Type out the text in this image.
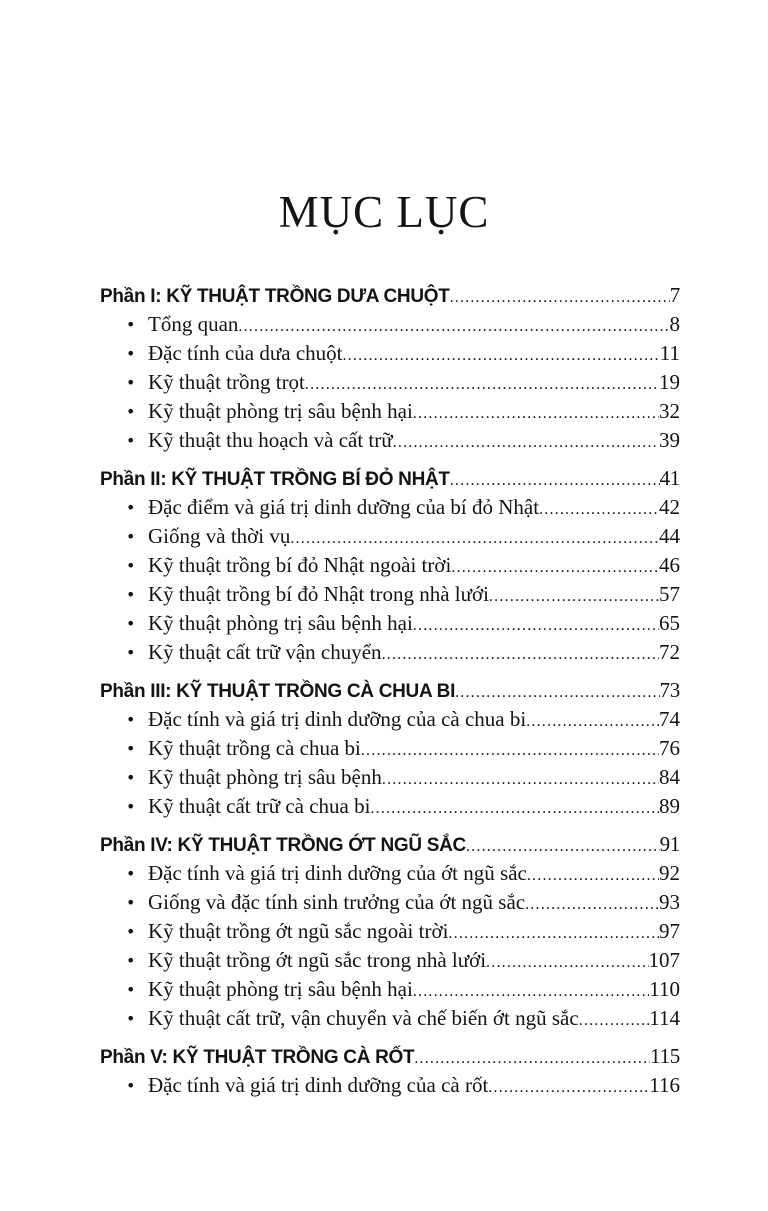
MỤC LỤC
Phần I: KỸ THUẬT TRỒNG DƯA CHUỘT .....	7
• Tổng quan .....	8
• Đặc tính của dưa chuột .....	11
• Kỹ thuật trồng trọt .....	19
• Kỹ thuật phòng trị sâu bệnh hại .....	32
• Kỹ thuật thu hoạch và cất trữ .....	39
Phần II: KỸ THUẬT TRỒNG BÍ ĐỎ NHẬT .....	41
• Đặc điểm và giá trị dinh dưỡng của bí đỏ Nhật .....	42
• Giống và thời vụ .....	44
• Kỹ thuật trồng bí đỏ Nhật ngoài trời .....	46
• Kỹ thuật trồng bí đỏ Nhật trong nhà lưới .....	57
• Kỹ thuật phòng trị sâu bệnh hại .....	65
• Kỹ thuật cất trữ vận chuyển .....	72
Phần III: KỸ THUẬT TRỒNG CÀ CHUA BI .....	73
• Đặc tính và giá trị dinh dưỡng của cà chua bi .....	74
• Kỹ thuật trồng cà chua bi .....	76
• Kỹ thuật phòng trị sâu bệnh .....	84
• Kỹ thuật cất trữ cà chua bi .....	89
Phần IV: KỸ THUẬT TRỒNG ỚT NGŨ SẮC .....	91
• Đặc tính và giá trị dinh dưỡng của ớt ngũ sắc .....	92
• Giống và đặc tính sinh trưởng của ớt ngũ sắc .....	93
• Kỹ thuật trồng ớt ngũ sắc ngoài trời .....	97
• Kỹ thuật trồng ớt ngũ sắc trong nhà lưới .....	107
• Kỹ thuật phòng trị sâu bệnh hại .....	110
• Kỹ thuật cất trữ, vận chuyển và chế biến ớt ngũ sắc .....	114
Phần V: KỸ THUẬT TRỒNG CÀ RỐT .....	115
• Đặc tính và giá trị dinh dưỡng của cà rốt .....	116
